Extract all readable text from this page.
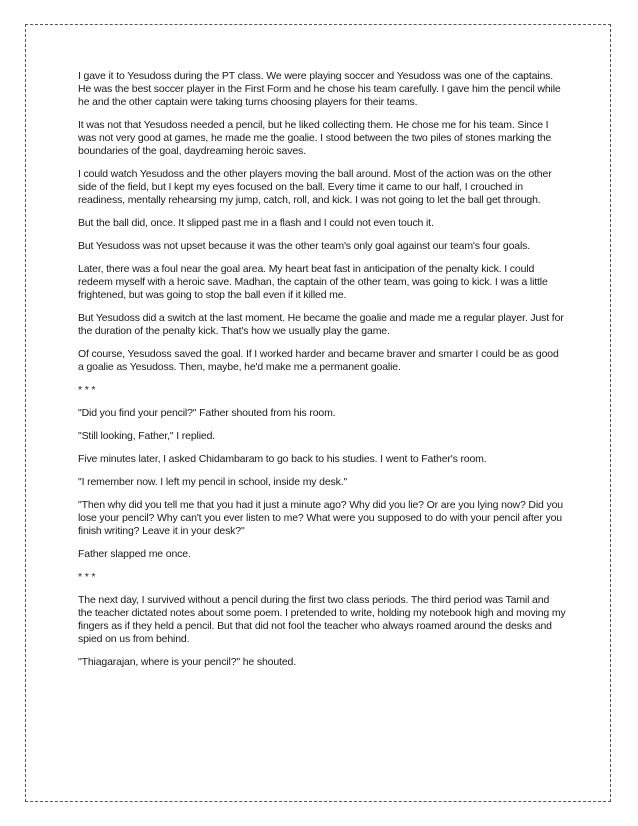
I gave it to Yesudoss during the PT class. We were playing soccer and Yesudoss was one of the captains. He was the best soccer player in the First Form and he chose his team carefully. I gave him the pencil while he and the other captain were taking turns choosing players for their teams.

It was not that Yesudoss needed a pencil, but he liked collecting them. He chose me for his team. Since I was not very good at games, he made me the goalie. I stood between the two piles of stones marking the boundaries of the goal, daydreaming heroic saves.

I could watch Yesudoss and the other players moving the ball around. Most of the action was on the other side of the field, but I kept my eyes focused on the ball. Every time it came to our half, I crouched in readiness, mentally rehearsing my jump, catch, roll, and kick. I was not going to let the ball get through.

But the ball did, once. It slipped past me in a flash and I could not even touch it.

But Yesudoss was not upset because it was the other team's only goal against our team's four goals.

Later, there was a foul near the goal area. My heart beat fast in anticipation of the penalty kick. I could redeem myself with a heroic save. Madhan, the captain of the other team, was going to kick. I was a little frightened, but was going to stop the ball even if it killed me.

But Yesudoss did a switch at the last moment. He became the goalie and made me a regular player. Just for the duration of the penalty kick. That's how we usually play the game.

Of course, Yesudoss saved the goal. If I worked harder and became braver and smarter I could be as good a goalie as Yesudoss. Then, maybe, he'd make me a permanent goalie.

* * *

"Did you find your pencil?" Father shouted from his room.

"Still looking, Father," I replied.

Five minutes later, I asked Chidambaram to go back to his studies. I went to Father's room.

"I remember now. I left my pencil in school, inside my desk."

"Then why did you tell me that you had it just a minute ago? Why did you lie? Or are you lying now? Did you lose your pencil? Why can't you ever listen to me? What were you supposed to do with your pencil after you finish writing? Leave it in your desk?"

Father slapped me once.

* * *

The next day, I survived without a pencil during the first two class periods. The third period was Tamil and the teacher dictated notes about some poem. I pretended to write, holding my notebook high and moving my fingers as if they held a pencil. But that did not fool the teacher who always roamed around the desks and spied on us from behind.

"Thiagarajan, where is your pencil?" he shouted.
